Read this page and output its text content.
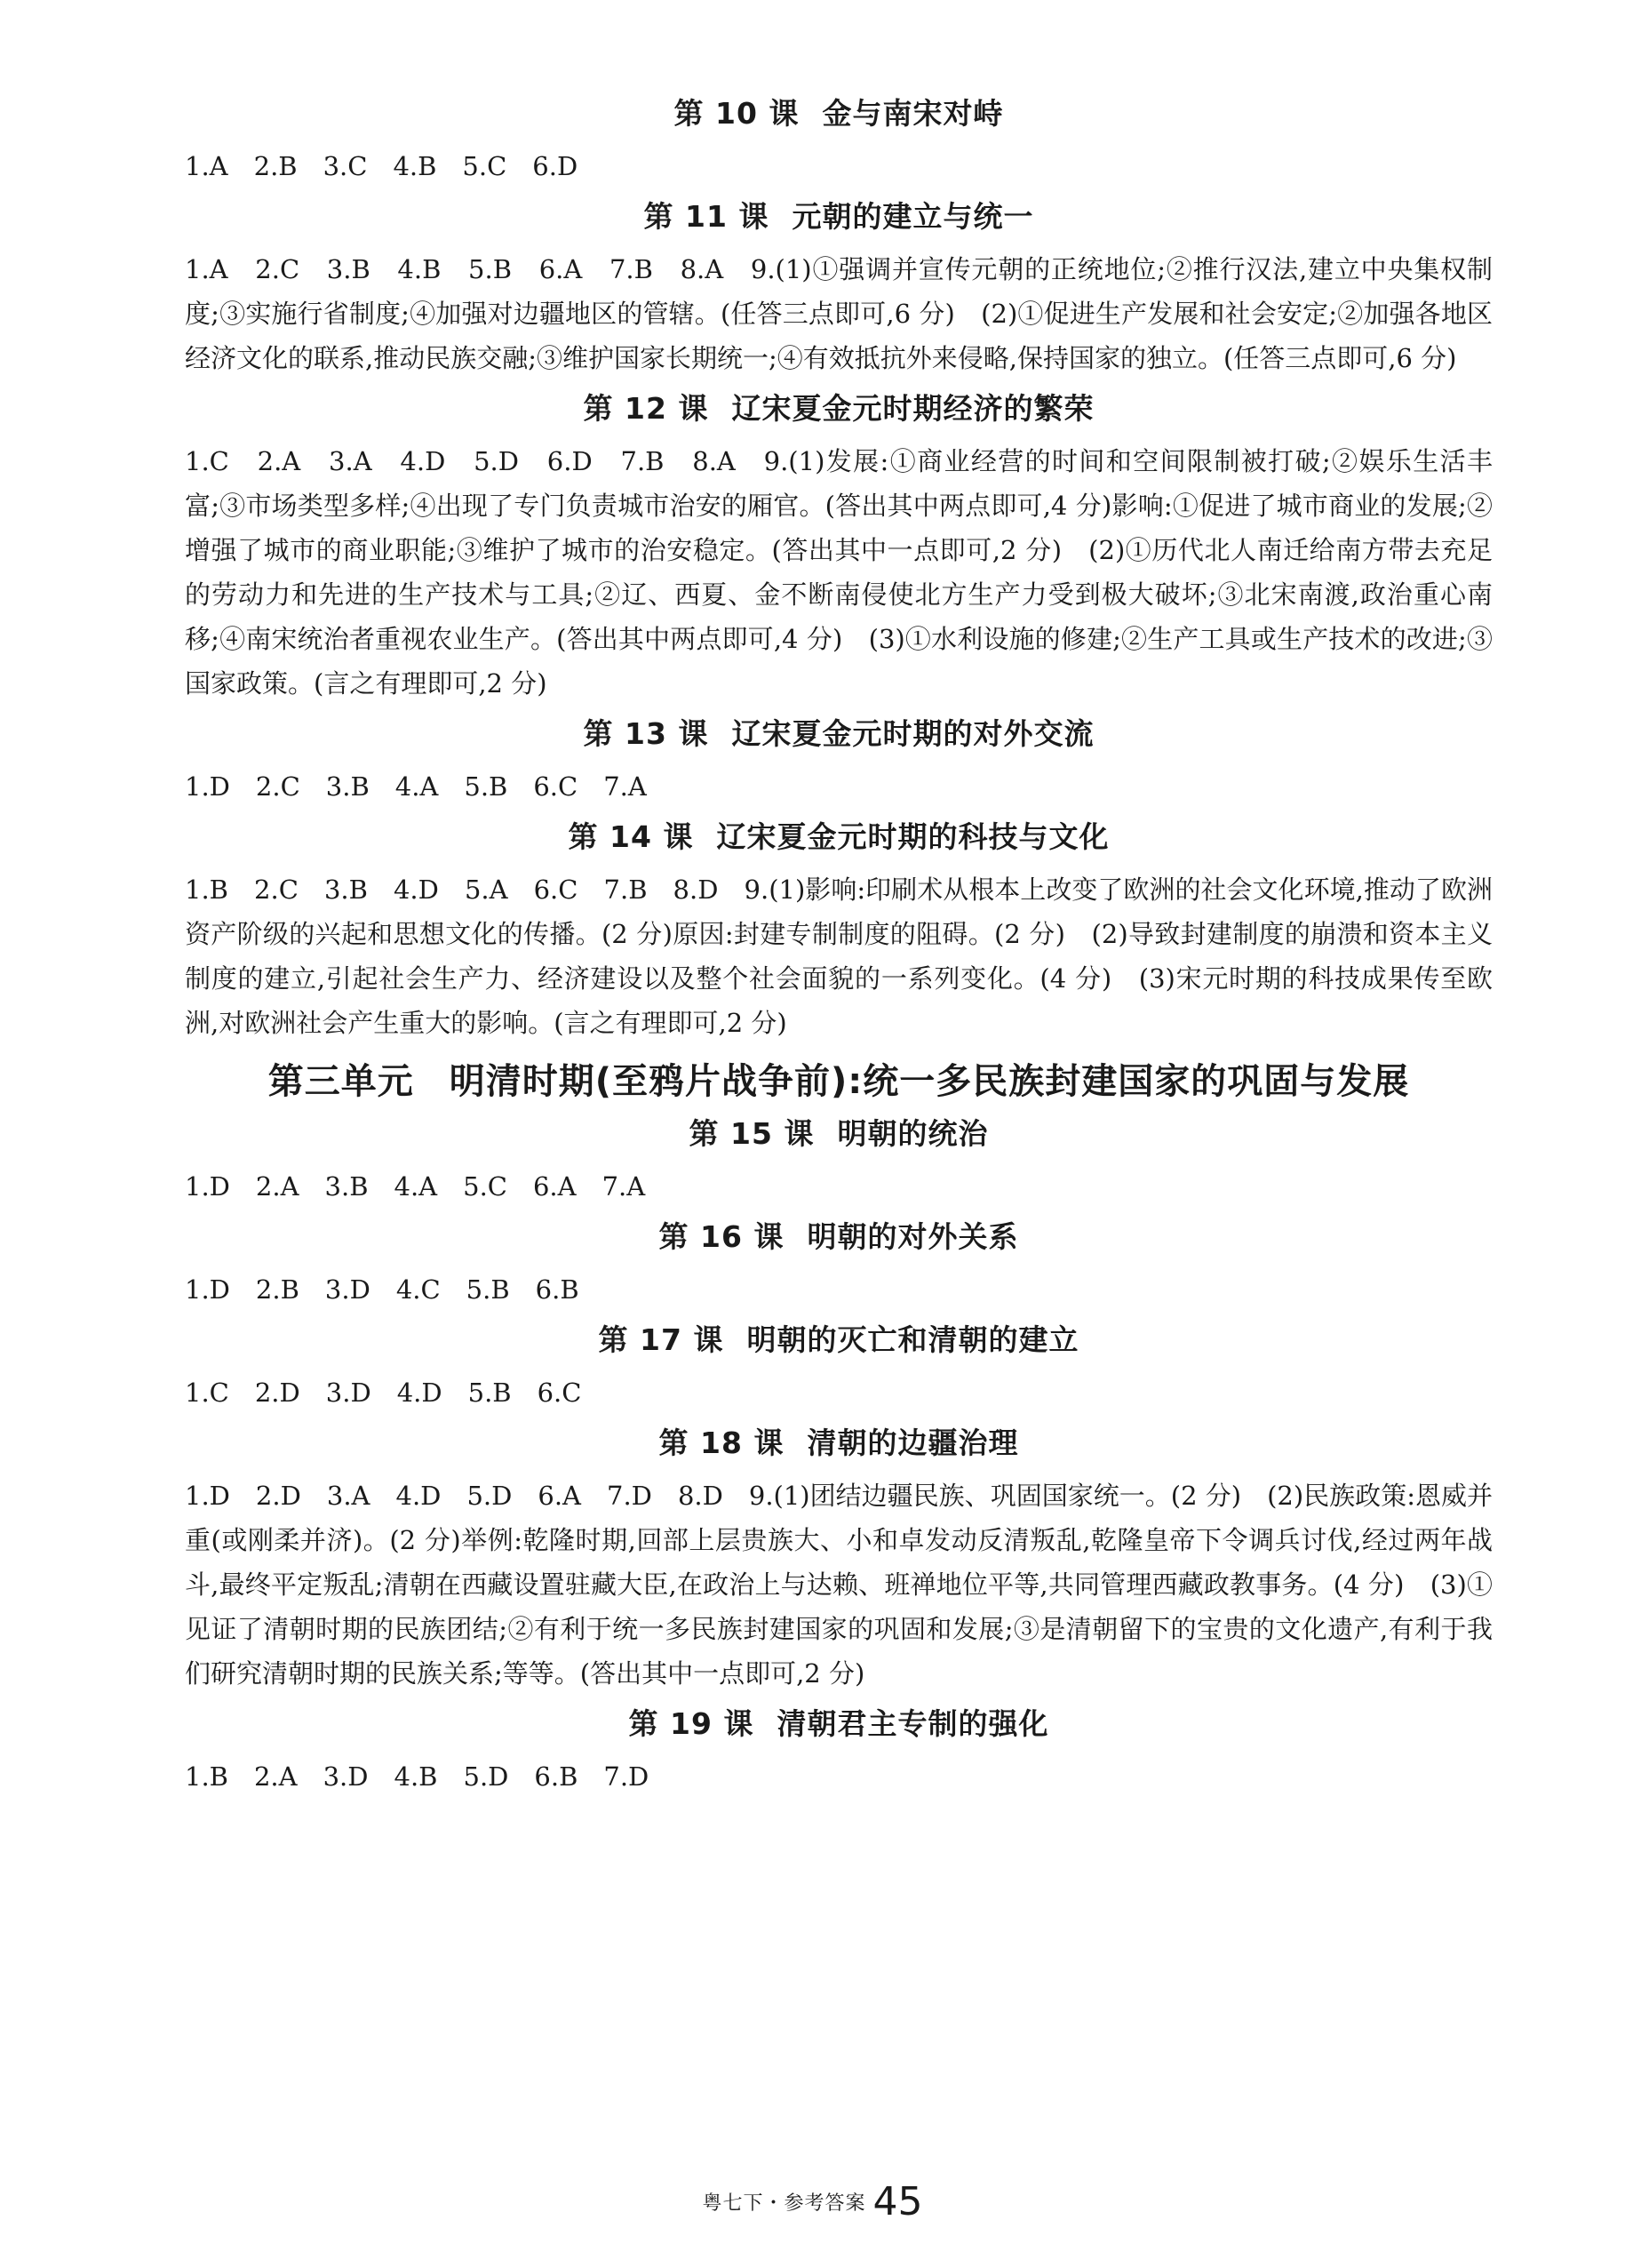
第 10 课 金与南宋对峙
1.A　2.B　3.C　4.B　5.C　6.D
第 11 课 元朝的建立与统一
1.A　2.C　3.B　4.B　5.B　6.A　7.B　8.A　9.(1)①强调并宣传元朝的正统地位;②推行汉法,建立中央集权制度;③实施行省制度;④加强对边疆地区的管辖。(任答三点即可,6 分)　(2)①促进生产发展和社会安定;②加强各地区经济文化的联系,推动民族交融;③维护国家长期统一;④有效抵抗外来侵略,保持国家的独立。(任答三点即可,6 分)
第 12 课 辽宋夏金元时期经济的繁荣
1.C　2.A　3.A　4.D　5.D　6.D　7.B　8.A　9.(1)发展:①商业经营的时间和空间限制被打破;②娱乐生活丰富;③市场类型多样;④出现了专门负责城市治安的厢官。(答出其中两点即可,4 分)影响:①促进了城市商业的发展;②增强了城市的商业职能;③维护了城市的治安稳定。(答出其中一点即可,2 分)　(2)①历代北人南迁给南方带去充足的劳动力和先进的生产技术与工具;②辽、西夏、金不断南侵使北方生产力受到极大破坏;③北宋南渡,政治重心南移;④南宋统治者重视农业生产。(答出其中两点即可,4 分)　(3)①水利设施的修建;②生产工具或生产技术的改进;③国家政策。(言之有理即可,2 分)
第 13 课 辽宋夏金元时期的对外交流
1.D　2.C　3.B　4.A　5.B　6.C　7.A
第 14 课 辽宋夏金元时期的科技与文化
1.B　2.C　3.B　4.D　5.A　6.C　7.B　8.D　9.(1)影响:印刷术从根本上改变了欧洲的社会文化环境,推动了欧洲资产阶级的兴起和思想文化的传播。(2 分)原因:封建专制制度的阻碍。(2 分)　(2)导致封建制度的崩溃和资本主义制度的建立,引起社会生产力、经济建设以及整个社会面貌的一系列变化。(4 分)　(3)宋元时期的科技成果传至欧洲,对欧洲社会产生重大的影响。(言之有理即可,2 分)
第三单元 明清时期(至鸦片战争前):统一多民族封建国家的巩固与发展
第 15 课 明朝的统治
1.D　2.A　3.B　4.A　5.C　6.A　7.A
第 16 课 明朝的对外关系
1.D　2.B　3.D　4.C　5.B　6.B
第 17 课 明朝的灭亡和清朝的建立
1.C　2.D　3.D　4.D　5.B　6.C
第 18 课 清朝的边疆治理
1.D　2.D　3.A　4.D　5.D　6.A　7.D　8.D　9.(1)团结边疆民族、巩固国家统一。(2 分)　(2)民族政策:恩威并重(或刚柔并济)。(2 分)举例:乾隆时期,回部上层贵族大、小和卓发动反清叛乱,乾隆皇帝下令调兵讨伐,经过两年战斗,最终平定叛乱;清朝在西藏设置驻藏大臣,在政治上与达赖、班禅地位平等,共同管理西藏政教事务。(4 分)　(3)①见证了清朝时期的民族团结;②有利于统一多民族封建国家的巩固和发展;③是清朝留下的宝贵的文化遗产,有利于我们研究清朝时期的民族关系;等等。(答出其中一点即可,2 分)
第 19 课 清朝君主专制的强化
1.B　2.A　3.D　4.B　5.D　6.B　7.D
粤七下・参考答案 45
